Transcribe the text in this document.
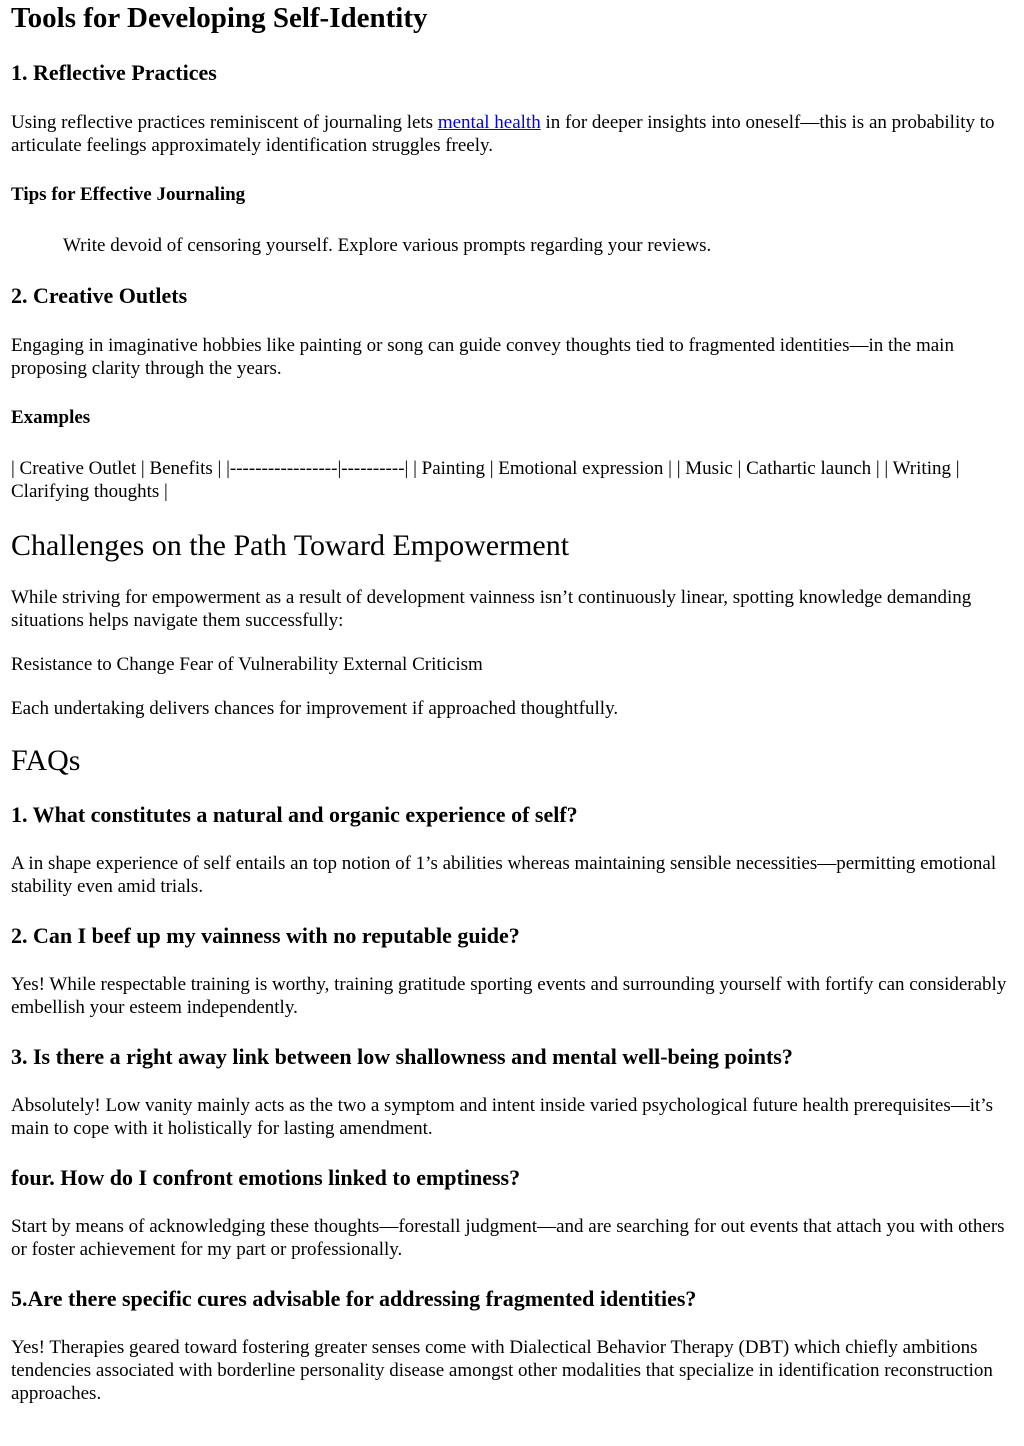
Tools for Developing Self-Identity
1. Reflective Practices

Using reflective practices reminiscent of journaling lets mental health in for deeper insights into oneself—this is an probability to articulate feelings approximately identification struggles freely.

Tips for Effective Journaling
Write devoid of censoring yourself. Explore various prompts regarding your reviews.
2. Creative Outlets

Engaging in imaginative hobbies like painting or song can guide convey thoughts tied to fragmented identities—in the main proposing clarity through the years.

Examples

| Creative Outlet | Benefits | |-----------------|----------| | Painting | Emotional expression | | Music | Cathartic launch | | Writing | Clarifying thoughts |

Challenges on the Path Toward Empowerment

While striving for empowerment as a result of development vainness isn’t continuously linear, spotting knowledge demanding situations helps navigate them successfully:

Resistance to Change Fear of Vulnerability External Criticism

Each undertaking delivers chances for improvement if approached thoughtfully.

FAQs
1. What constitutes a natural and organic experience of self?

A in shape experience of self entails an top notion of 1’s abilities whereas maintaining sensible necessities—permitting emotional stability even amid trials.

2. Can I beef up my vainness with no reputable guide?

Yes! While respectable training is worthy, training gratitude sporting events and surrounding yourself with fortify can considerably embellish your esteem independently.

3. Is there a right away link between low shallowness and mental well-being points?

Absolutely! Low vanity mainly acts as the two a symptom and intent inside varied psychological future health prerequisites—it’s main to cope with it holistically for lasting amendment.

four. How do I confront emotions linked to emptiness?

Start by means of acknowledging these thoughts—forestall judgment—and are searching for out events that attach you with others or foster achievement for my part or professionally.

5.Are there specific cures advisable for addressing fragmented identities?

Yes! Therapies geared toward fostering greater senses come with Dialectical Behavior Therapy (DBT) which chiefly ambitions tendencies associated with borderline personality disease amongst other modalities that specialize in identification reconstruction approaches.
